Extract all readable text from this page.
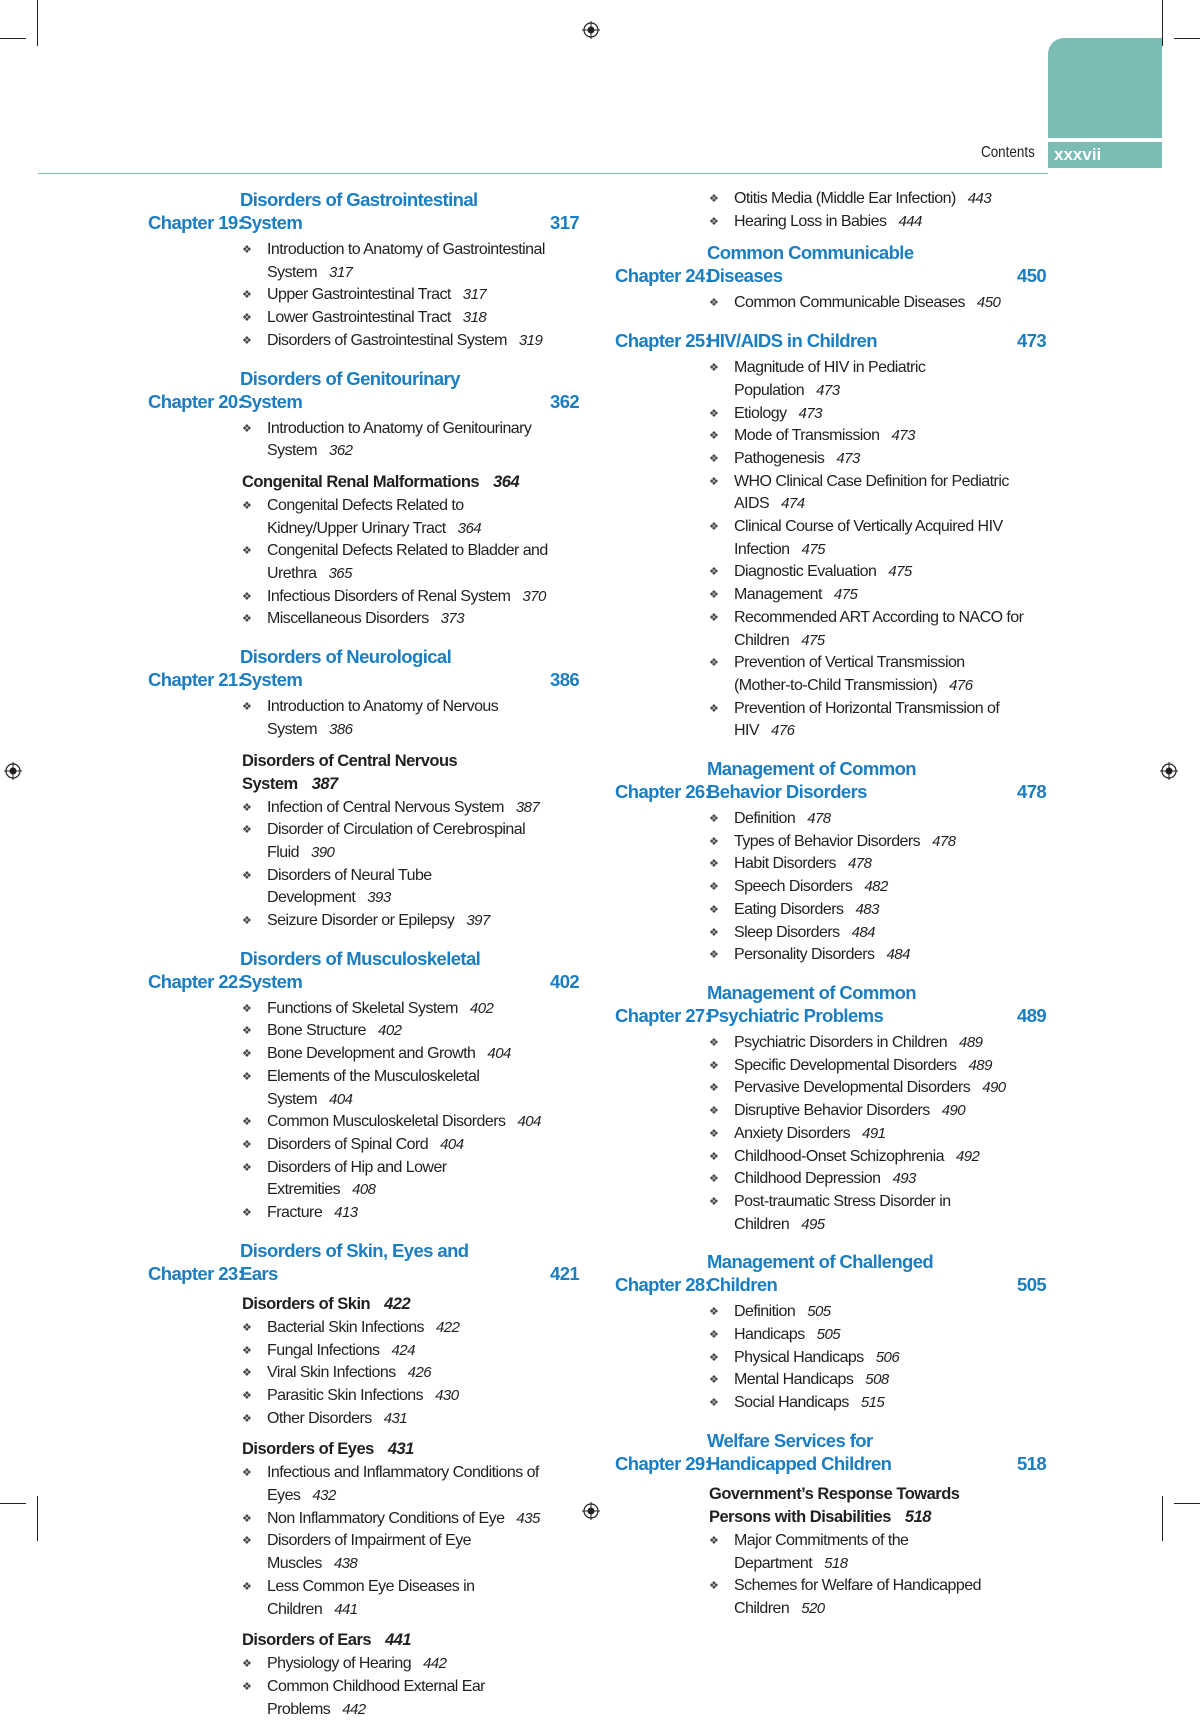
Contents	xxxvii
Chapter 19:
Disorders of Gastrointestinal System	317
❖ Introduction to Anatomy of Gastrointestinal System 317
❖ Upper Gastrointestinal Tract 317
❖ Lower Gastrointestinal Tract 318
❖ Disorders of Gastrointestinal System 319
Chapter 20:
Disorders of Genitourinary System	362
❖ Introduction to Anatomy of Genitourinary System 362
Congenital Renal Malformations 364
❖ Congenital Defects Related to Kidney/Upper Urinary Tract 364
❖ Congenital Defects Related to Bladder and Urethra 365
❖ Infectious Disorders of Renal System 370
❖ Miscellaneous Disorders 373
Chapter 21:
Disorders of Neurological System	386
❖ Introduction to Anatomy of Nervous System 386
Disorders of Central Nervous System 387
❖ Infection of Central Nervous System 387
❖ Disorder of Circulation of Cerebrospinal Fluid 390
❖ Disorders of Neural Tube Development 393
❖ Seizure Disorder or Epilepsy 397
Chapter 22:
Disorders of Musculoskeletal System	402
❖ Functions of Skeletal System 402
❖ Bone Structure 402
❖ Bone Development and Growth 404
❖ Elements of the Musculoskeletal System 404
❖ Common Musculoskeletal Disorders 404
❖ Disorders of Spinal Cord 404
❖ Disorders of Hip and Lower Extremities 408
❖ Fracture 413
Chapter 23:
Disorders of Skin, Eyes and Ears	421
Disorders of Skin 422
❖ Bacterial Skin Infections 422
❖ Fungal Infections 424
❖ Viral Skin Infections 426
❖ Parasitic Skin Infections 430
❖ Other Disorders 431
Disorders of Eyes 431
❖ Infectious and Inflammatory Conditions of Eyes 432
❖ Non Inflammatory Conditions of Eye 435
❖ Disorders of Impairment of Eye Muscles 438
❖ Less Common Eye Diseases in Children 441
Disorders of Ears 441
❖ Physiology of Hearing 442
❖ Common Childhood External Ear Problems 442
❖ Otitis Media (Middle Ear Infection) 443
❖ Hearing Loss in Babies 444
Chapter 24:
Common Communicable Diseases	450
❖ Common Communicable Diseases 450
Chapter 25:
HIV/AIDS in Children	473
❖ Magnitude of HIV in Pediatric Population 473
❖ Etiology 473
❖ Mode of Transmission 473
❖ Pathogenesis 473
❖ WHO Clinical Case Definition for Pediatric AIDS 474
❖ Clinical Course of Vertically Acquired HIV Infection 475
❖ Diagnostic Evaluation 475
❖ Management 475
❖ Recommended ART According to NACO for Children 475
❖ Prevention of Vertical Transmission (Mother-to-Child Transmission) 476
❖ Prevention of Horizontal Transmission of HIV 476
Chapter 26:
Management of Common Behavior Disorders	478
❖ Definition 478
❖ Types of Behavior Disorders 478
❖ Habit Disorders 478
❖ Speech Disorders 482
❖ Eating Disorders 483
❖ Sleep Disorders 484
❖ Personality Disorders 484
Chapter 27:
Management of Common Psychiatric Problems	489
❖ Psychiatric Disorders in Children 489
❖ Specific Developmental Disorders 489
❖ Pervasive Developmental Disorders 490
❖ Disruptive Behavior Disorders 490
❖ Anxiety Disorders 491
❖ Childhood-Onset Schizophrenia 492
❖ Childhood Depression 493
❖ Post-traumatic Stress Disorder in Children 495
Chapter 28:
Management of Challenged Children	505
❖ Definition 505
❖ Handicaps 505
❖ Physical Handicaps 506
❖ Mental Handicaps 508
❖ Social Handicaps 515
Chapter 29:
Welfare Services for Handicapped Children	518
Government’s Response Towards Persons with Disabilities 518
❖ Major Commitments of the Department 518
❖ Schemes for Welfare of Handicapped Children 520
